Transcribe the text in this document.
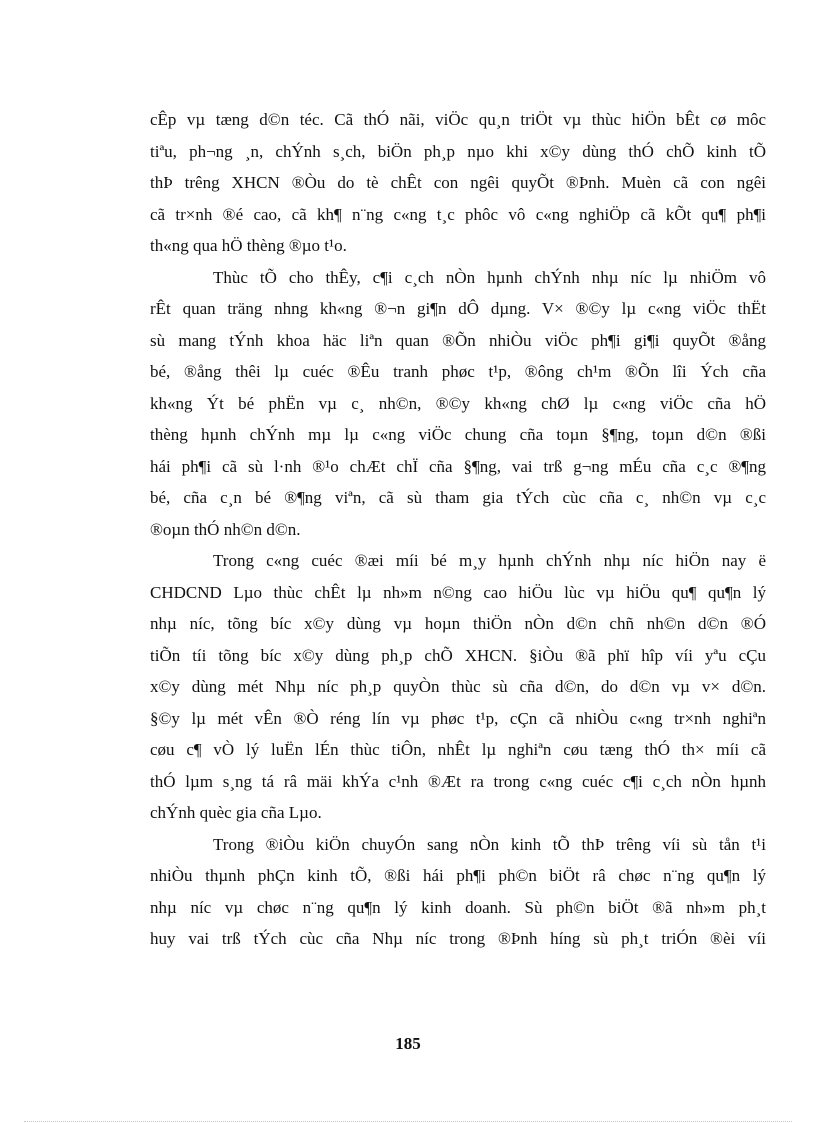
cÊp vµ tæng d©n téc. Cã thÓ nãi, viÖc qu¸n triÖt vµ thùc hiÖn bÊt cø môc
tiªu, ph¬ng ¸n, chÝnh s¸ch, biÖn ph¸p nµo khi x©y dùng thÓ chÕ kinh tÕ
thÞ trêng XHCN ®Òu do tè chÊt con ngêi quyÕt ®Þnh. Muèn cã con ngêi
cã tr×nh ®é cao, cã kh¶ n¨ng c«ng t¸c phôc vô c«ng nghiÖp cã kÕt qu¶ ph¶i
th«ng qua hÖ thèng ®µo t¹o.
Thùc tÕ cho thÊy, c¶i c¸ch nÒn hµnh chÝnh nhµ níc lµ nhiÖm vô
rÊt quan träng nhng kh«ng ®¬n gi¶n dÔ dµng. V× ®©y lµ c«ng viÖc thËt
sù mang tÝnh khoa häc liªn quan ®Õn nhiÒu viÖc ph¶i gi¶i quyÕt ®ång
bé, ®ång thêi lµ cuéc ®Êu tranh phøc t¹p, ®ông ch¹m ®Õn lîi Ých cña
kh«ng Ýt bé phËn vµ c¸ nh©n, ®©y kh«ng chØ lµ c«ng viÖc cña hÖ
thèng hµnh chÝnh mµ lµ c«ng viÖc chung cña toµn §¶ng, toµn d©n ®ßi
hái ph¶i cã sù l·nh ®¹o chÆt chÏ cña §¶ng, vai trß g¬ng mÉu cña c¸c ®¶ng
bé, cña c¸n bé ®¶ng viªn, cã sù tham gia tÝch cùc cña c¸ nh©n vµ c¸c
®oµn thÓ nh©n d©n.
Trong c«ng cuéc ®æi míi bé m¸y hµnh chÝnh nhµ níc hiÖn nay ë
CHDCND Lµo thùc chÊt lµ nh»m n©ng cao hiÖu lùc vµ hiÖu qu¶ qu¶n lý
nhµ níc, tõng bíc x©y dùng vµ hoµn thiÖn nÒn d©n chñ nh©n d©n ®Ó
tiÕn tíi tõng bíc x©y dùng ph¸p chÕ XHCN. §iÒu ®ã phï hîp víi yªu cÇu
x©y dùng mét Nhµ níc ph¸p quyÒn thùc sù cña d©n, do d©n vµ v× d©n.
§©y lµ mét vÊn ®Ò réng lín vµ phøc t¹p, cÇn cã nhiÒu c«ng tr×nh nghiªn
cøu c¶ vÒ lý luËn lÉn thùc tiÔn, nhÊt lµ nghiªn cøu tæng thÓ th× míi cã
thÓ lµm s¸ng tá râ mäi khÝa c¹nh ®Æt ra trong c«ng cuéc c¶i c¸ch nÒn hµnh
chÝnh quèc gia cña Lµo.
Trong ®iÒu kiÖn chuyÓn sang nÒn kinh tÕ thÞ trêng víi sù tån t¹i
nhiÒu thµnh phÇn kinh tÕ, ®ßi hái ph¶i ph©n biÖt râ chøc n¨ng qu¶n lý
nhµ níc vµ chøc n¨ng qu¶n lý kinh doanh. Sù ph©n biÖt ®ã nh»m ph¸t
huy vai trß tÝch cùc cña Nhµ níc trong ®Þnh híng sù ph¸t triÓn ®èi víi
185
